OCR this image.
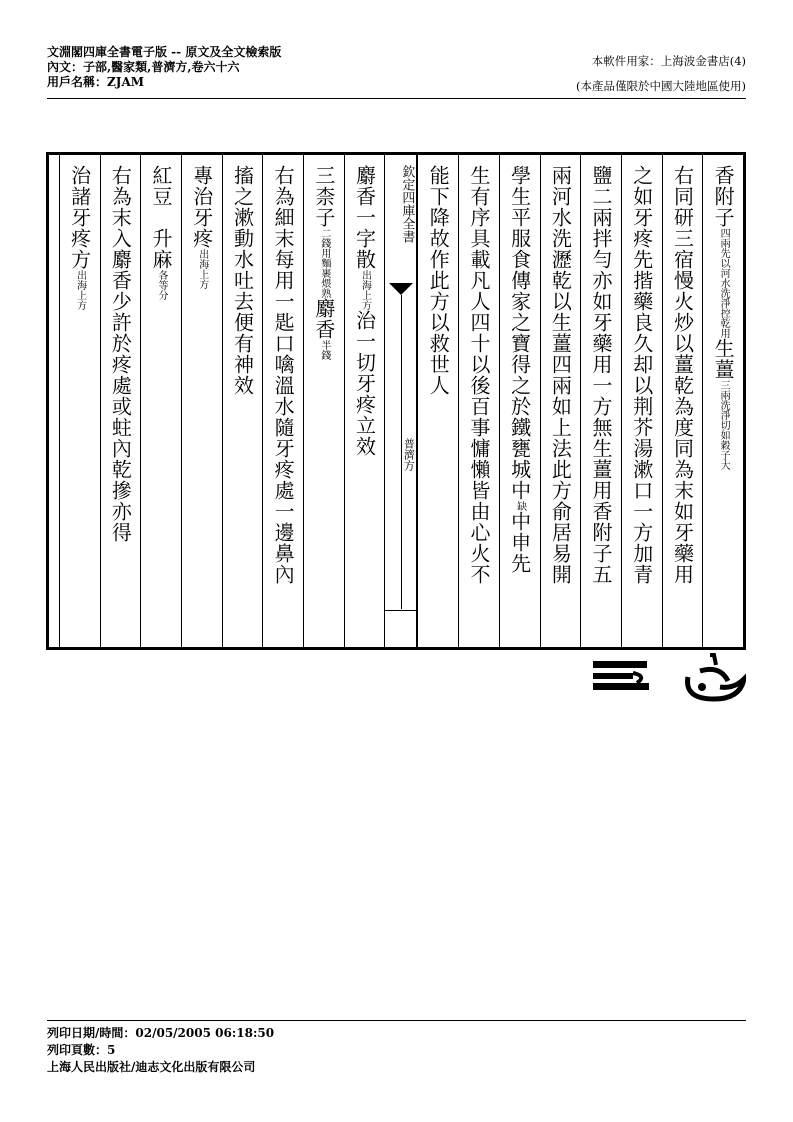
文淵閣四庫全書電子版 -- 原文及全文檢索版
內文：子部,醫家類,普濟方,卷六十六
用戶名稱：ZJAM
本軟件用家：上海波金書店(4)
(本產品僅限於中國大陸地區使用)
香附子四兩先以河水洗淨控乾用生薑三兩洗淨切如穀子大
右同研三宿慢火炒以薑乾為度同為末如牙藥用
之如牙疼先揩藥良久却以荆芥湯漱口一方加青
鹽二兩拌勻亦如牙藥用一方無生薑用香附子五
兩河水洗瀝乾以生薑四兩如上法此方俞居易開
學生平服食傳家之寶得之於鐵甕城中缺中申先
生有序具載凡人四十以後百事慵懶皆由心火不
能下降故作此方以救世人
欽定四庫全書
普濟方
麝香一字散出海上方治一切牙疼立效
三柰子二錢用麵裹煨熟麝香半錢
右為細末每用一匙口噙溫水隨牙疼處一邊鼻內
搐之漱動水吐去便有神效
專治牙疼出海上方
紅豆　升麻各等分
右為末入麝香少許於疼處或蛀內乾摻亦得
治諸牙疼方出海上方
列印日期/時間：02/05/2005 06:18:50
列印頁數：5
上海人民出版社/迪志文化出版有限公司
